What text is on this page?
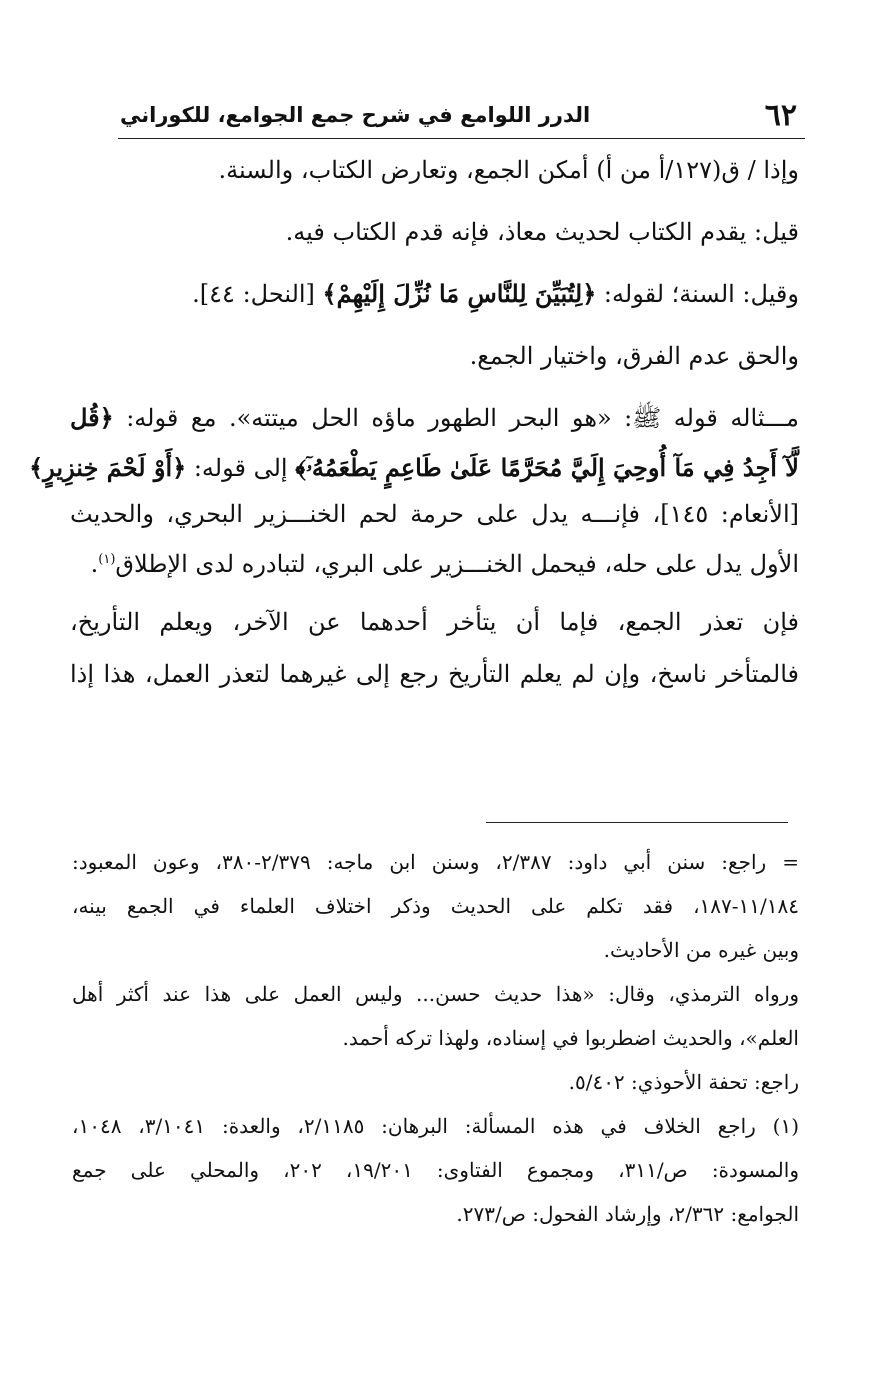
٦٢
الدرر اللوامع في شرح جمع الجوامع، للكوراني
وإذا / ق(١٢٧/أ من أ) أمكن الجمع، وتعارض الكتاب، والسنة.
قيل: يقدم الكتاب لحديث معاذ، فإنه قدم الكتاب فيه.
وقيل: السنة؛ لقوله: ﴿لِتُبَيِّنَ لِلنَّاسِ مَا نُزِّلَ إِلَيْهِمْ﴾ [النحل: ٤٤].
والحق عدم الفرق، واختيار الجمع.
مـــثاله قوله ﷺ: «هو البحر الطهور ماؤه الحل ميتته». مع قوله: ﴿قُل
لَّآ أَجِدُ فِي مَآ أُوحِيَ إِلَيَّ مُحَرَّمًا عَلَىٰ طَاعِمٍ يَطْعَمُهُۥٓ﴾ إلى قوله: ﴿أَوْ لَحْمَ خِنزِيرٍ﴾
[الأنعام: ١٤٥]، فإنـــه يدل على حرمة لحم الخنـــزير البحري، والحديث
الأول يدل على حله، فيحمل الخنـــزير على البري، لتبادره لدى الإطلاق$^{(١)}$.
فإن تعذر الجمع، فإما أن يتأخر أحدهما عن الآخر، ويعلم التأريخ،
فالمتأخر ناسخ، وإن لم يعلم التأريخ رجع إلى غيرهما لتعذر العمل، هذا إذا
= راجع: سنن أبي داود: ٢/٣٨٧، وسنن ابن ماجه: ٢/٣٧٩-٣٨٠، وعون المعبود:
١١/١٨٤-١٨٧، فقد تكلم على الحديث وذكر اختلاف العلماء في الجمع بينه،
وبين غيره من الأحاديث.
ورواه الترمذي، وقال: «هذا حديث حسن... وليس العمل على هذا عند أكثر أهل
العلم»، والحديث اضطربوا في إسناده، ولهذا تركه أحمد.
راجع: تحفة الأحوذي: ٥/٤٠٢.
(١) راجع الخلاف في هذه المسألة: البرهان: ٢/١١٨٥، والعدة: ٣/١٠٤١، ١٠٤٨،
والمسودة: ص/٣١١، ومجموع الفتاوى: ١٩/٢٠١، ٢٠٢، والمحلي على جمع
الجوامع: ٢/٣٦٢، وإرشاد الفحول: ص/٢٧٣.
